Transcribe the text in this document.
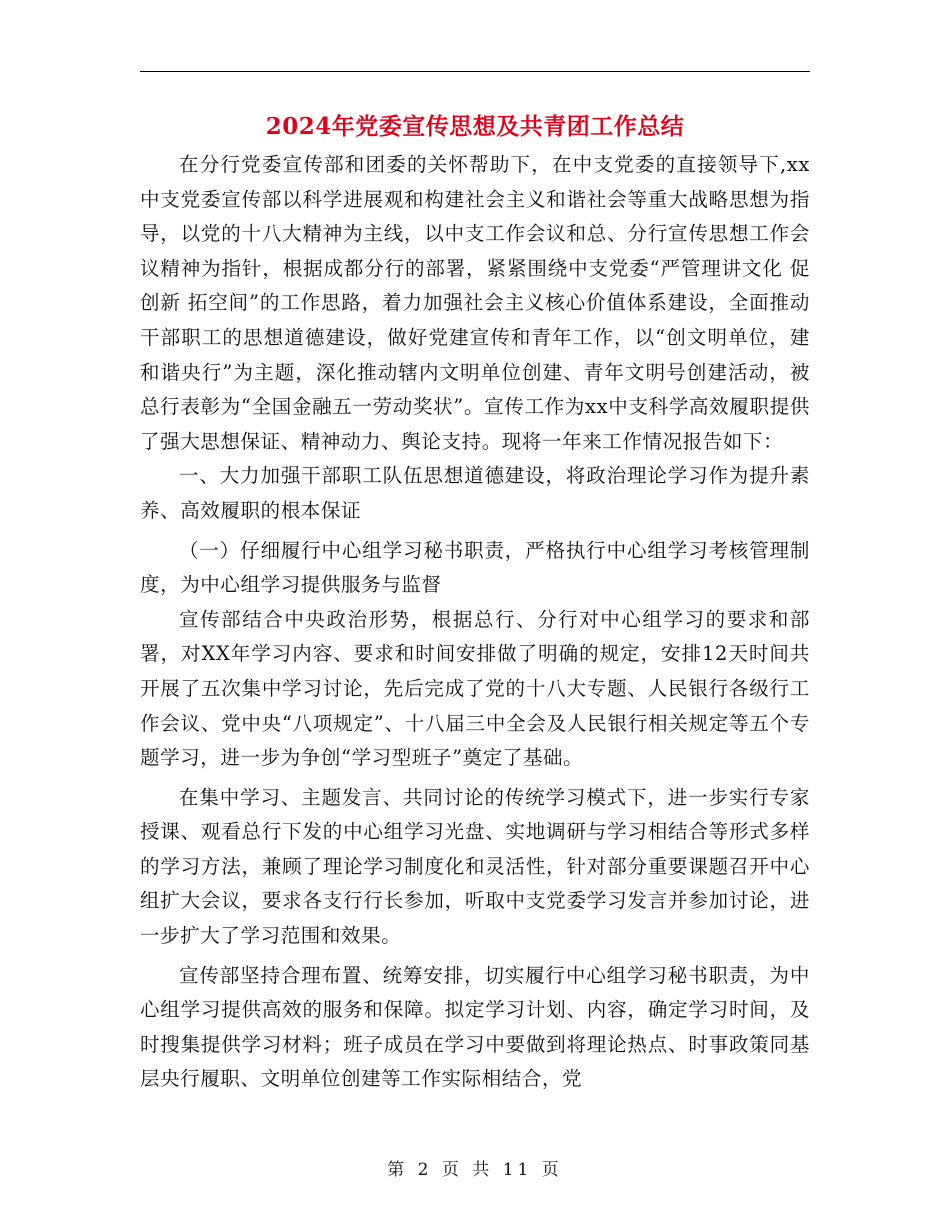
2024年党委宣传思想及共青团工作总结

在分行党委宣传部和团委的关怀帮助下，在中支党委的直接领导下,xx中支党委宣传部以科学进展观和构建社会主义和谐社会等重大战略思想为指导，以党的十八大精神为主线，以中支工作会议和总、分行宣传思想工作会议精神为指针，根据成都分行的部署，紧紧围绕中支党委“严管理讲文化 促创新 拓空间”的工作思路，着力加强社会主义核心价值体系建设，全面推动干部职工的思想道德建设，做好党建宣传和青年工作，以“创文明单位，建和谐央行”为主题，深化推动辖内文明单位创建、青年文明号创建活动，被总行表彰为“全国金融五一劳动奖状”。宣传工作为xx中支科学高效履职提供了强大思想保证、精神动力、舆论支持。现将一年来工作情况报告如下：

一、大力加强干部职工队伍思想道德建设，将政治理论学习作为提升素养、高效履职的根本保证

（一）仔细履行中心组学习秘书职责，严格执行中心组学习考核管理制度，为中心组学习提供服务与监督

宣传部结合中央政治形势，根据总行、分行对中心组学习的要求和部署，对XX年学习内容、要求和时间安排做了明确的规定，安排12天时间共开展了五次集中学习讨论，先后完成了党的十八大专题、人民银行各级行工作会议、党中央“八项规定”、十八届三中全会及人民银行相关规定等五个专题学习，进一步为争创“学习型班子”奠定了基础。

在集中学习、主题发言、共同讨论的传统学习模式下，进一步实行专家授课、观看总行下发的中心组学习光盘、实地调研与学习相结合等形式多样的学习方法，兼顾了理论学习制度化和灵活性，针对部分重要课题召开中心组扩大会议，要求各支行行长参加，听取中支党委学习发言并参加讨论，进一步扩大了学习范围和效果。

宣传部坚持合理布置、统筹安排，切实履行中心组学习秘书职责，为中心组学习提供高效的服务和保障。拟定学习计划、内容，确定学习时间，及时搜集提供学习材料；班子成员在学习中要做到将理论热点、时事政策同基层央行履职、文明单位创建等工作实际相结合，党

第 2 页 共 11 页
